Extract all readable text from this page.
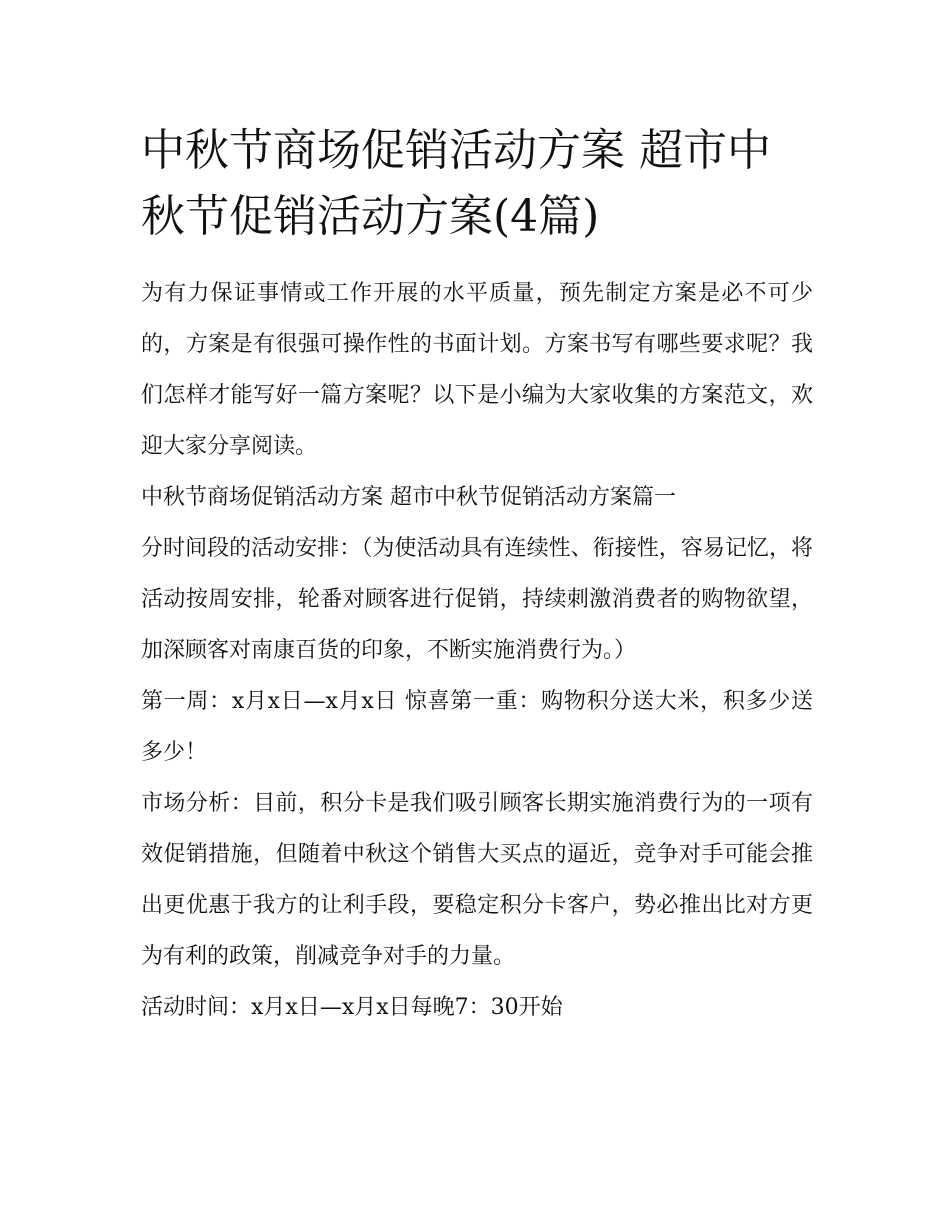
中秋节商场促销活动方案 超市中秋节促销活动方案(4篇)

为有力保证事情或工作开展的水平质量，预先制定方案是必不可少的，方案是有很强可操作性的书面计划。方案书写有哪些要求呢？我们怎样才能写好一篇方案呢？以下是小编为大家收集的方案范文，欢迎大家分享阅读。

中秋节商场促销活动方案 超市中秋节促销活动方案篇一

分时间段的活动安排：（为使活动具有连续性、衔接性，容易记忆，将活动按周安排，轮番对顾客进行促销，持续刺激消费者的购物欲望，加深顾客对南康百货的印象，不断实施消费行为。）

第一周：x月x日—x月x日 惊喜第一重：购物积分送大米，积多少送多少！

市场分析：目前，积分卡是我们吸引顾客长期实施消费行为的一项有效促销措施，但随着中秋这个销售大买点的逼近，竞争对手可能会推出更优惠于我方的让利手段，要稳定积分卡客户，势必推出比对方更为有利的政策，削减竞争对手的力量。

活动时间：x月x日—x月x日每晚7：30开始
